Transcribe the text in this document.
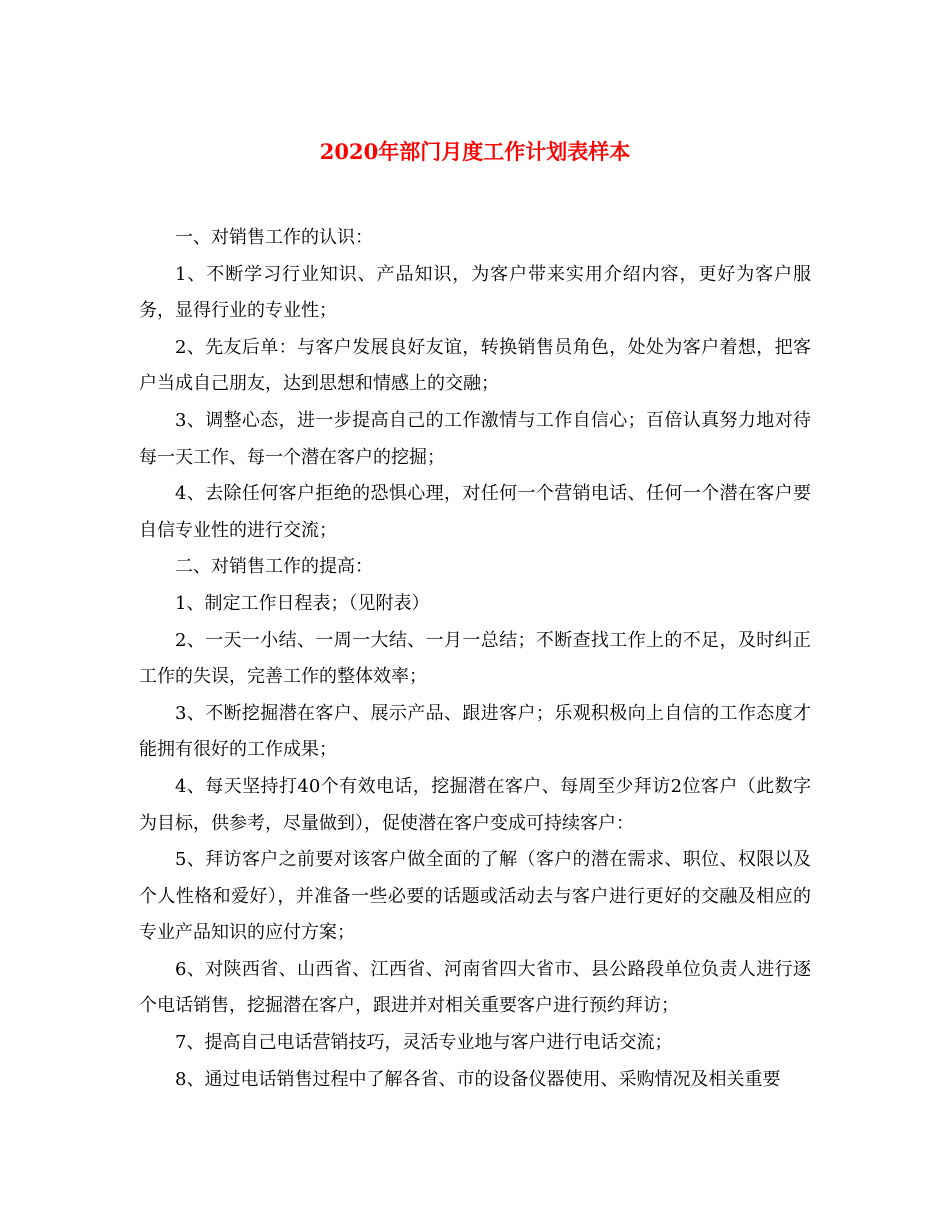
2020年部门月度工作计划表样本

一、对销售工作的认识：

1、不断学习行业知识、产品知识，为客户带来实用介绍内容，更好为客户服务，显得行业的专业性；

2、先友后单：与客户发展良好友谊，转换销售员角色，处处为客户着想，把客户当成自己朋友，达到思想和情感上的交融；

3、调整心态，进一步提高自己的工作激情与工作自信心；百倍认真努力地对待每一天工作、每一个潜在客户的挖掘；

4、去除任何客户拒绝的恐惧心理，对任何一个营销电话、任何一个潜在客户要自信专业性的进行交流；

二、对销售工作的提高：

1、制定工作日程表；（见附表）

2、一天一小结、一周一大结、一月一总结；不断查找工作上的不足，及时纠正工作的失误，完善工作的整体效率；

3、不断挖掘潜在客户、展示产品、跟进客户；乐观积极向上自信的工作态度才能拥有很好的工作成果；

4、每天坚持打40个有效电话，挖掘潜在客户、每周至少拜访2位客户（此数字为目标，供参考，尽量做到），促使潜在客户变成可持续客户：

5、拜访客户之前要对该客户做全面的了解（客户的潜在需求、职位、权限以及个人性格和爱好），并准备一些必要的话题或活动去与客户进行更好的交融及相应的专业产品知识的应付方案；

6、对陕西省、山西省、江西省、河南省四大省市、县公路段单位负责人进行逐个电话销售，挖掘潜在客户，跟进并对相关重要客户进行预约拜访；

7、提高自己电话营销技巧，灵活专业地与客户进行电话交流；

8、通过电话销售过程中了解各省、市的设备仪器使用、采购情况及相关重要
